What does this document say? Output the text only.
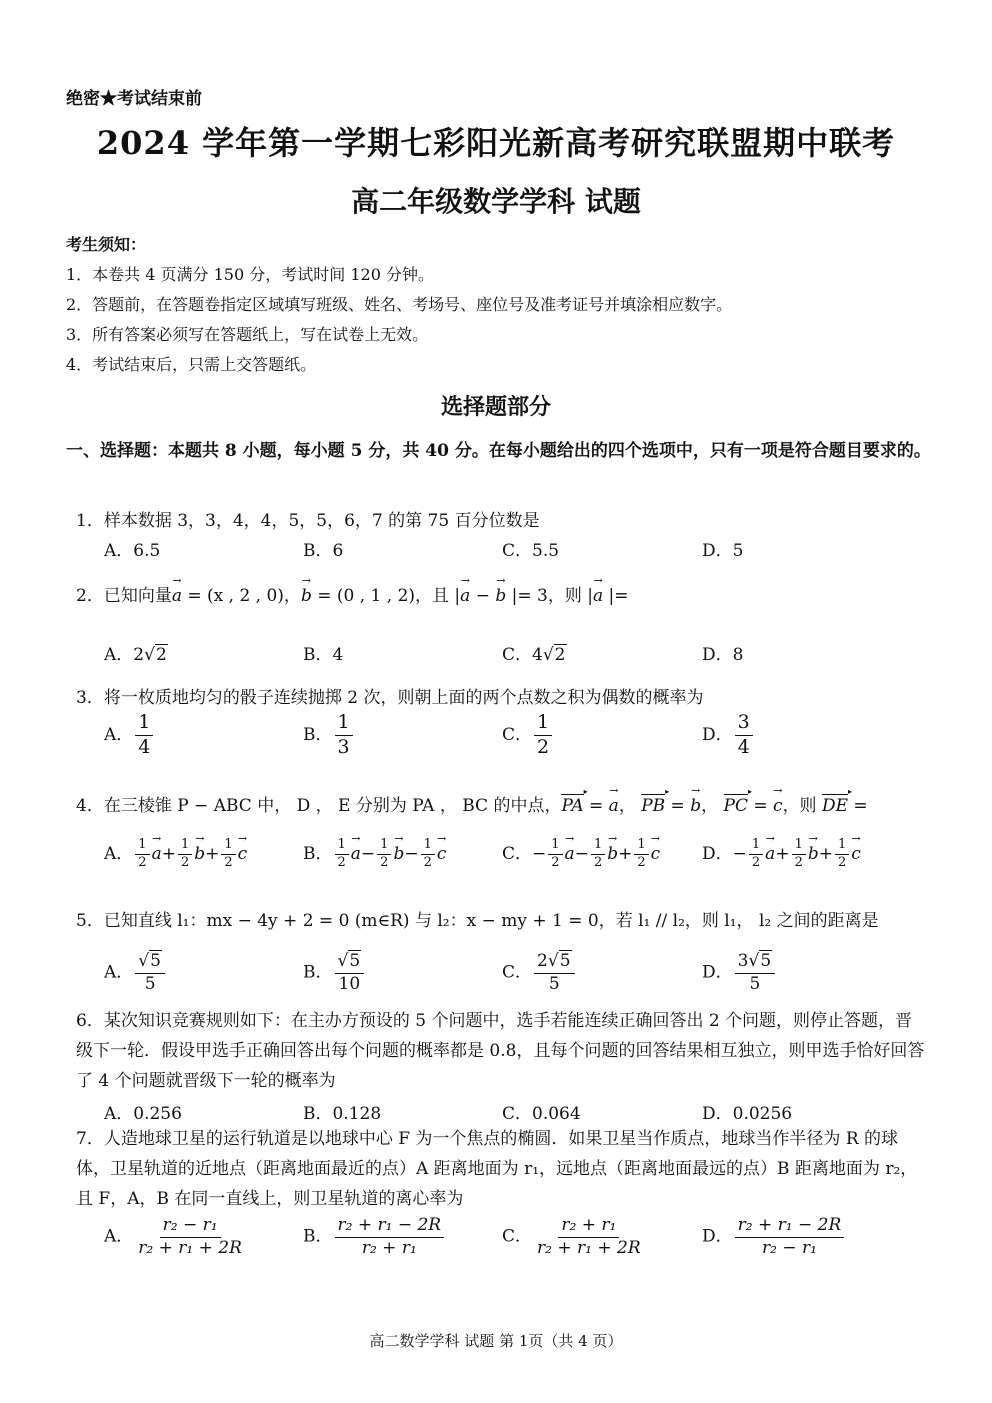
绝密★考试结束前
2024 学年第一学期七彩阳光新高考研究联盟期中联考
高二年级数学学科 试题
考生须知：
1．本卷共 4 页满分 150 分，考试时间 120 分钟。
2．答题前，在答题卷指定区域填写班级、姓名、考场号、座位号及准考证号并填涂相应数字。
3．所有答案必须写在答题纸上，写在试卷上无效。
4．考试结束后，只需上交答题纸。
选择题部分
一、选择题：本题共 8 小题，每小题 5 分，共 40 分。在每小题给出的四个选项中，只有一项是符合题目要求的。
1．样本数据 3，3，4，4，5，5，6，7 的第 75 百分位数是
A．6.5	B．6	C．5.5	D．5
2．已知向量→ a = (x , 2 , 0)，→ b = (0 , 1 , 2)，且 |→ a − → b |= 3，则 |→ a |=
A．2√2	B．4	C．4√2	D．8
3．将一枚质地均匀的骰子连续抛掷 2 次，则朝上面的两个点数之积为偶数的概率为
A． $\frac{1}{4}$	B． $\frac{1}{3}$	C． $\frac{1}{2}$	D． $\frac{3}{4}$
4．在三棱锥 P − ABC 中， D ， E 分别为 PA ， BC 的中点，PA ▸ = → a， PB ▸ = → b， PC ▸ = → c，则 DE ▸ =
A． $\frac{1}{2}$
→ $a+ \frac{1}{2}$
→ $b+ \frac{1}{2}$
→ c	B． $\frac{1}{2}$
→ $a- \frac{1}{2}$
→ $b- \frac{1}{2}$
→ c	C．− $\frac{1}{2}$
→ $a- \frac{1}{2}$
→ $b+ \frac{1}{2}$
→ c D．− $\frac{1}{2}$
→ $a+ \frac{1}{2}$
→ $b+ \frac{1}{2}$
→ c
5．已知直线 l₁：mx − 4y + 2 = 0 (m∈R) 与 l₂：x − my + 1 = 0，若 l₁ // l₂，则 l₁， l₂ 之间的距离是
A． $\frac{√5}{5}$	B． $\frac{√5}{10}$	C． $\frac{2√5}{5}$	D． $\frac{3√5}{5}$
6．某次知识竞赛规则如下：在主办方预设的 5 个问题中，选手若能连续正确回答出 2 个问题，则停止答题，晋级下一轮．假设甲选手正确回答出每个问题的概率都是 0.8，且每个问题的回答结果相互独立，则甲选手恰好回答了 4 个问题就晋级下一轮的概率为
A．0.256	B．0.128	C．0.064	D．0.0256
7．人造地球卫星的运行轨道是以地球中心 F 为一个焦点的椭圆．如果卫星当作质点，地球当作半径为 R 的球体，卫星轨道的近地点（距离地面最近的点）A 距离地面为 r₁，远地点（距离地面最远的点）B 距离地面为 r₂，且 F，A，B 在同一直线上，则卫星轨道的离心率为
A． $\frac{\text{r₂ − r₁}}{\text{r₂ + r₁ + 2R}}$	B． $\frac{\text{r₂ + r₁ − 2R}}{\text{r₂ + r₁}}$	C． $\frac{\text{r₂ + r₁}}{\text{r₂ + r₁ + 2R}}$	D． $\frac{\text{r₂ + r₁ − 2R}}{\text{r₂ − r₁}}$
高二数学学科 试题 第 1页（共 4 页）
